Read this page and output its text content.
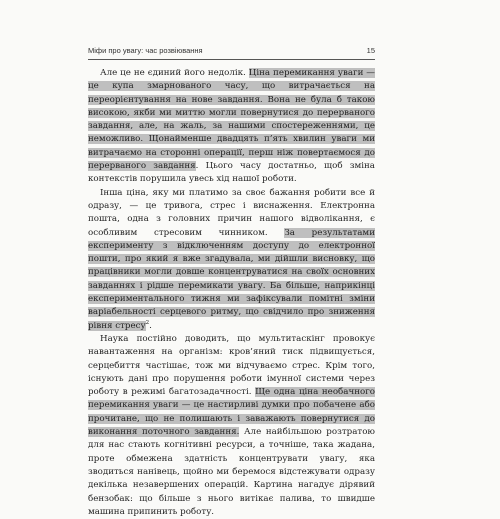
Міфи про увагу: час розвіювання	15

Але це не єдиний його недолік. Ціна перемикання уваги — це купа змарнованого часу, що витрачається на переорієнтування на нове завдання. Вона не була б такою високою, якби ми миттю могли повернутися до перерваного завдання, але, на жаль, за нашими спостереженнями, це неможливо. Щонайменше двадцять п’ять хвилин уваги ми витрачаємо на сторонні операції, перш ніж повертаємося до перерваного завдання. Цього часу достатньо, щоб зміна контекстів порушила увесь хід нашої роботи.

Інша ціна, яку ми платимо за своє бажання робити все й одразу, — це тривога, стрес і виснаження. Електронна пошта, одна з головних причин нашого відволікання, є особливим стресовим чинником. За результатами експерименту з відключенням доступу до електронної пошти, про який я вже згадувала, ми дійшли висновку, що працівники могли довше концентруватися на своїх основних завданнях і рідше перемикати увагу. Ба більше, наприкінці експериментального тижня ми зафіксували помітні зміни варіабельності серцевого ритму, що свідчило про зниження рівня стресу$^2$.

Наука постійно доводить, що мультитаскінг провокує навантаження на організм: кров’яний тиск підвищується, серцебиття частішає, тож ми відчуваємо стрес. Крім того, існують дані про порушення роботи імунної системи через роботу в режимі багатозадачності. Ще одна ціна необачного перемикання уваги — це настирливі думки про побачене або прочитане, що не полишають і заважають повернутися до виконання поточного завдання. Але найбільшою розтратою для нас стають когнітивні ресурси, а точніше, така жадана, проте обмежена здатність концентрувати увагу, яка зводиться нанівець, щойно ми беремося відстежувати одразу декілька незавершених операцій. Картина нагадує дірявий бензобак: що більше з нього витікає палива, то швидше машина припинить роботу.
